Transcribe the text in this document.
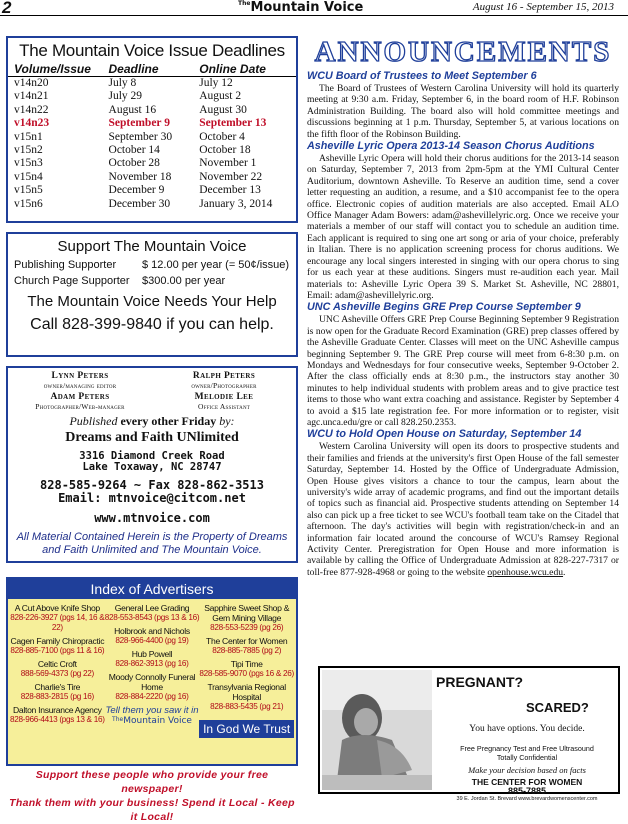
2	$^{The}$Mountain Voice	August 16 - September 15, 2013
The Mountain Voice Issue Deadlines
Volume/Issue	Deadline	Online Date
v14n20	July 8	July 12
v14n21	July 29	August 2
v14n22	August 16	August 30
v14n23	September 9	September 13
v15n1	September 30	October 4
v15n2	October 14	October 18
v15n3	October 28	November 1
v15n4	November 18	November 22
v15n5	December 9	December 13
v15n6	December 30	January 3, 2014
Support The Mountain Voice
Publishing Supporter	$ 12.00 per year (= 50¢/issue)
Church Page Supporter	$300.00 per year
The Mountain Voice Needs Your Help
Call 828-399-9840 if you can help.
Lynn Peters
owner/managing editor
Ralph Peters
owner/Photographer
Adam Peters
Photographer/Web-manager
Melodie Lee
Office Assistant
Published every other Friday by:
Dreams and Faith UNlimited
3316 Diamond Creek Road
Lake Toxaway, NC 28747
828-585-9264 ~ Fax 828-862-3513
Email: mtnvoice@citcom.net
www.mtnvoice.com
All Material Contained Herein is the Property of Dreams and Faith Unlimited and The Mountain Voice.
Index of Advertisers
A Cut Above Knife Shop
828-226-3927 (pgs 14, 16 & 22)
Cagen Family Chiropractic
828-885-7100 (pgs 11 & 16)
Celtic Croft
888-569-4373 (pg 22)
Charlie's Tire
828-883-2815 (pg 16)
Dalton Insurance Agency
828-966-4413 (pgs 13 & 16)
General Lee Grading
828-553-8543 (pgs 13 & 16)
Holbrook and Nichols
828-966-4400 (pg 19)
Hub Powell
828-862-3913 (pg 16)
Moody Connolly Funeral Home
828-884-2220 (pg 16)
Tell them you saw it in
$^{The}$Mountain Voice
Sapphire Sweet Shop & Gem Mining Village
828-553-5239 (pg 26)
The Center for Women
828-885-7885 (pg 2)
Tipi Time
828-585-9070 (pgs 16 & 26)
Transylvania Regional Hospital
828-883-5435 (pg 21)
In God We Trust
Support these people who provide your free newspaper!
Thank them with your business! Spend it Local - Keep it Local!
ANNOUNCEMENTS
WCU Board of Trustees to Meet September 6

The Board of Trustees of Western Carolina University will hold its quarterly meeting at 9:30 a.m. Friday, September 6, in the board room of H.F. Robinson Administration Building. The board also will hold committee meetings and discussions beginning at 1 p.m. Thursday, September 5, at various locations on the fifth floor of the Robinson Building.

Asheville Lyric Opera 2013-14 Season Chorus Auditions

Asheville Lyric Opera will hold their chorus auditions for the 2013-14 season on Saturday, September 7, 2013 from 2pm-5pm at the YMI Cultural Center Auditorium, downtown Asheville. To Reserve an audition time, send a cover letter requesting an audition, a resume, and a $10 accompanist fee to the opera office. Electronic copies of audition materials are also accepted. Email ALO Office Manager Adam Bowers: adam@ashevillelyric.org. Once we receive your materials a member of our staff will contact you to schedule an audition time. Each applicant is required to sing one art song or aria of your choice, preferably in Italian. There is no application screening process for chorus auditions. We encourage any local singers interested in singing with our opera chorus to sing for us each year at these auditions. Singers must re-audition each year. Mail materials to: Asheville Lyric Opera 39 S. Market St. Asheville, NC 28801, Email: adam@ashevillelyric.org.

UNC Asheville Begins GRE Prep Course September 9

UNC Asheville Offers GRE Prep Course Beginning September 9 Registration is now open for the Graduate Record Examination (GRE) prep classes offered by the Asheville Graduate Center. Classes will meet on the UNC Asheville campus beginning September 9. The GRE Prep course will meet from 6-8:30 p.m. on Mondays and Wednesdays for four consecutive weeks, September 9-October 2. After the class officially ends at 8:30 p.m., the instructors stay another 30 minutes to help individual students with problem areas and to give practice test items to those who want extra coaching and assistance. Register by September 4 to avoid a $15 late registration fee. For more information or to register, visit agc.unca.edu/gre or call 828.250.2353.

WCU to Hold Open House on Saturday, September 14

Western Carolina University will open its doors to prospective students and their families and friends at the university's first Open House of the fall semester Saturday, September 14. Hosted by the Office of Undergraduate Admission, Open House gives visitors a chance to tour the campus, learn about the university's wide array of academic programs, and find out the important details of topics such as financial aid. Prospective students attending on September 14 also can pick up a free ticket to see WCU's football team take on the Citadel that afternoon. The day's activities will begin with registration/check-in and an information fair located around the concourse of WCU's Ramsey Regional Activity Center. Preregistration for Open House and more information is available by calling the Office of Undergraduate Admission at 828-227-7317 or toll-free 877-928-4968 or going to the website openhouse.wcu.edu.

PREGNANT?
SCARED?
You have options. You decide.
Free Pregnancy Test and Free Ultrasound
Totally Confidential
Make your decision based on facts
THE CENTER FOR WOMEN
885-7885
39 E. Jordan St. Brevard www.brevardwomenscenter.com
